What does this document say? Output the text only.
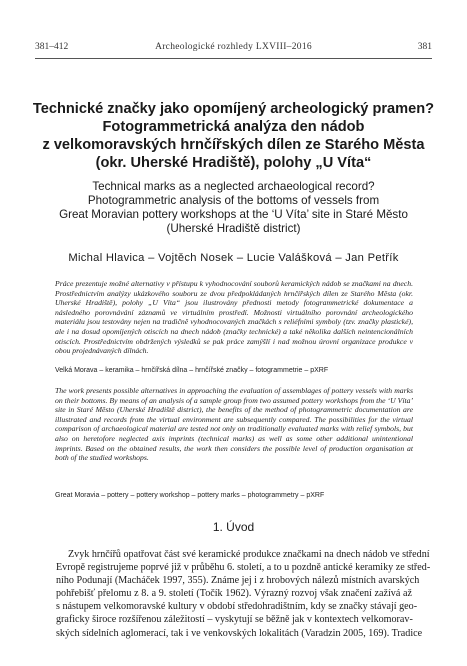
381–412	Archeologické rozhledy LXVIII‒2016	381
Technické značky jako opomíjený archeologický pramen?
Fotogrammetrická analýza den nádob
z velkomoravských hrnčířských dílen ze Starého Města
(okr. Uherské Hradiště), polohy „U Víta“
Technical marks as a neglected archaeological record?
Photogrammetric analysis of the bottoms of vessels from
Great Moravian pottery workshops at the ‘U Víta’ site in Staré Město
(Uherské Hradiště district)
Michal Hlavica – Vojtěch Nosek – Lucie Valášková – Jan Petřík
Práce prezentuje možné alternativy v přístupu k vyhodnocování souborů keramických nádob se značkami na dnech. Prostřednictvím analýzy ukázkového souboru ze dvou předpokládaných hrnčířských dílen ze Starého Města (okr. Uherské Hradiště), polohy „U Víta“ jsou ilustrovány přednosti metody fotogrammetrické dokumentace a následného porovnávání záznamů ve virtuálním prostředí. Možnosti virtuálního porovnání archeologického materiálu jsou testovány nejen na tradičně vyhodnocovaných značkách s reliéfními symboly (tzv. značky plastické), ale i na dosud opomíjených otiscích na dnech nádob (značky technické) a také několika dalších neintencionálních otiscích. Prostřednictvím obdržených výsledků se pak práce zamýšlí i nad možnou úrovní organizace produkce v obou projednávaných dílnách.
Velká Morava – keramika – hrnčířská dílna – hrnčířské značky – fotogrammetrie – pXRF
The work presents possible alternatives in approaching the evaluation of assemblages of pottery vessels with marks on their bottoms. By means of an analysis of a sample group from two assumed pottery workshops from the ‘U Víta’ site in Staré Město (Uherské Hradiště district), the benefits of the method of photogrammetric documentation are illustrated and records from the virtual environment are subsequently compared. The possibilities for the virtual comparison of archaeological material are tested not only on traditionally evaluated marks with relief symbols, but also on heretofore neglected axis imprints (technical marks) as well as some other additional unintentional imprints. Based on the obtained results, the work then considers the possible level of production organisation at both of the studied workshops.
Great Moravia – pottery – pottery workshop – pottery marks – photogrammetry – pXRF
1. Úvod
Zvyk hrnčířů opatřovat část své keramické produkce značkami na dnech nádob ve střední
Evropě registrujeme poprvé již v průběhu 6. století, a to u pozdně antické keramiky ze střed-
ního Podunají (Macháček 1997, 355). Známe jej i z hrobových nálezů místních avarských
pohřebišť přelomu z 8. a 9. století (Točík 1962). Výrazný rozvoj však značení zažívá až
s nástupem velkomoravské kultury v období středohradištním, kdy se značky stávají geo-
graficky široce rozšířenou záležitostí – vyskytují se běžně jak v kontextech velkomorav-
ských sídelních aglomerací, tak i ve venkovských lokalitách (Varadzin 2005, 169). Tradice
